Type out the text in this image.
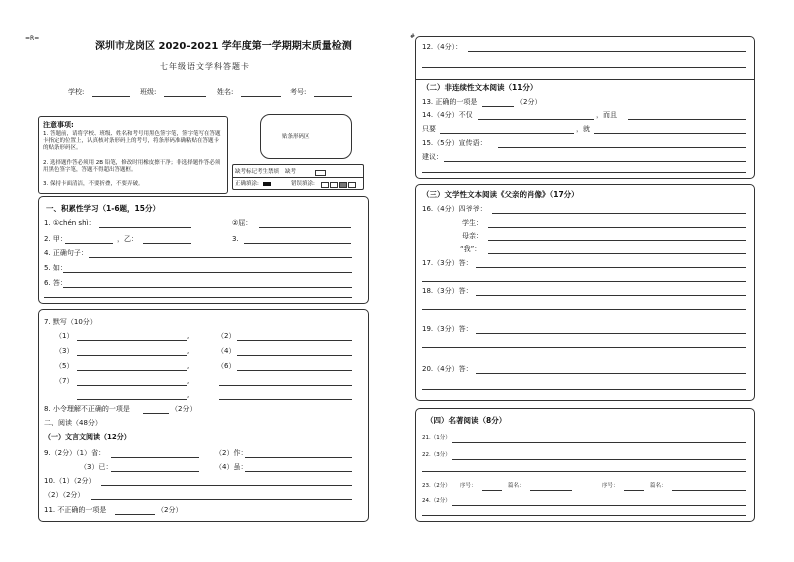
=R=	#
深圳市龙岗区 2020-2021 学年度第一学期期末质量检测
七年级语文学科答题卡
学校:	班级:	姓名:	考号:
注意事项:
1. 答题前，请将学校、班级、姓名和考号用黑色签字笔，签字笔写在答题卡指定的位置上，认真核对条形码上的考号，将条形码准确粘贴在答题卡的贴条形码区。
2. 选择题作答必须用 2B 铅笔，修改时用橡皮擦干净；非选择题作答必须用黑色签字笔，答题不得超出答题框。
3. 保持卡面清洁，不要折叠，不要弄破。
贴条形码区
缺考标记考生禁填 缺考
正确填涂:	错误填涂:
一、积累性学习（1-6题，15分）
1. ①chén shì：	②屈：
2. 甲：	，乙：	3.
4. 正确句子：
5. 如：
6. 答：
7. 默写（10分）
（1）	,	（2）
（3）	,	（4）
（5）	,	（6）
（7）	,
,
8. 小令理解不正确的一项是	（2分）
二、阅读（48分）
（一）文言文阅读（12分）
9.（2分）（1）省：	（2）作：
（3）已：	（4）虽：
10.（1）（2分）
（2）（2分）
11. 不正确的一项是	（2分）
12.（4分）：
（二）非连续性文本阅读（11分）
13. 正确的一项是	（2分）
14.（4分）不仅	，而且
只要	，就
15.（5分）宣传语：
建议：
（三）文学性文本阅读《父亲的肖像》（17分）
16.（4分）四爷爷：
学生：
母亲：
“我”：
17.（3分）答：
18.（3分）答：
19.（3分）答：
20.（4分）答：
（四）名著阅读（8分）
21.（1分）
22.（3分）
23.（2分） 序号：	篇名：	序号：	篇名：
24.（2分）
